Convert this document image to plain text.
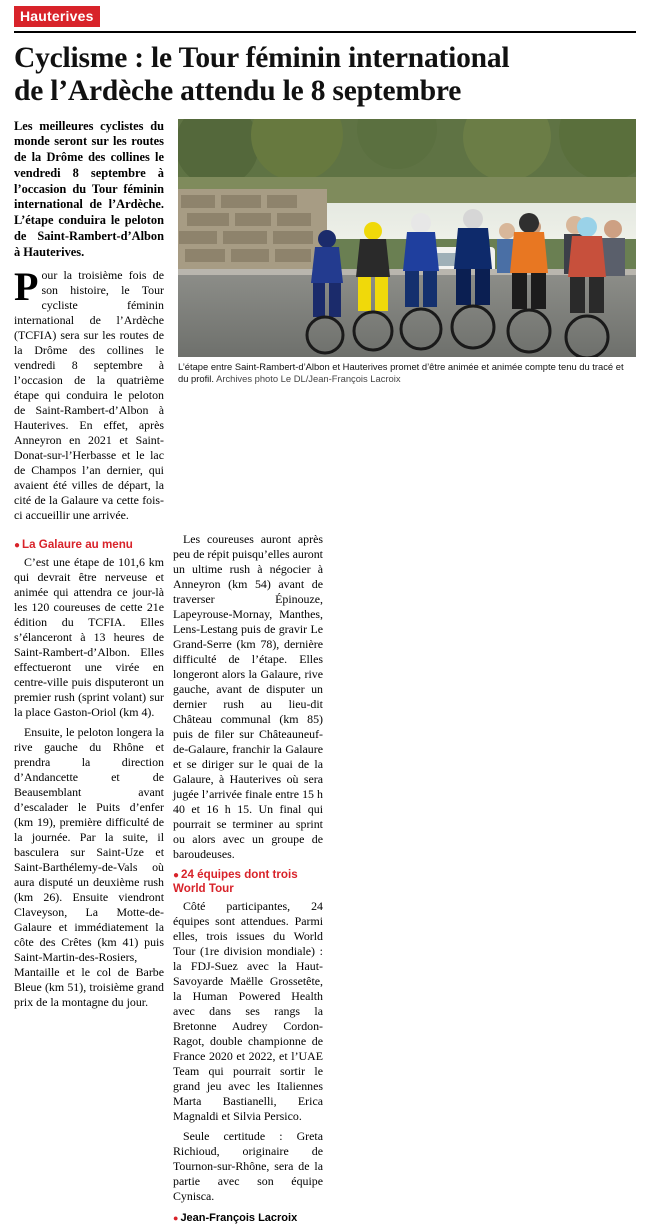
Hauterives
Cyclisme : le Tour féminin international
de l’Ardèche attendu le 8 septembre

Les meilleures cyclistes du monde seront sur les routes de la Drôme des collines le vendredi 8 septembre à l’occasion du Tour féminin international de l’Ardèche. L’étape conduira le peloton de Saint-Rambert-d’Albon à Hauterives.

Pour la troisième fois de son histoire, le Tour cycliste féminin international de l’Ardèche (TCFIA) sera sur les routes de la Drôme des collines le vendredi 8 septembre à l’occasion de la quatrième étape qui conduira le peloton de Saint-Rambert-d’Albon à Hauterives. En effet, après Anneyron en 2021 et Saint-Donat-sur-l’Herbasse et le lac de Champos l’an dernier, qui avaient été villes de départ, la cité de la Galaure va cette fois-ci accueillir une arrivée.

L’étape entre Saint-Rambert-d’Albon et Hauterives promet d’être animée et animée compte tenu du tracé et du profil. Archives photo Le DL/Jean-François Lacroix
● La Galaure au menu

C’est une étape de 101,6 km qui devrait être nerveuse et animée qui attendra ce jour-là les 120 coureuses de cette 21e édition du TCFIA. Elles s’élanceront à 13 heures de Saint-Rambert-d’Albon. Elles effectueront une virée en centre-ville puis disputeront un premier rush (sprint volant) sur la place Gaston-Oriol (km 4).

Ensuite, le peloton longera la rive gauche du Rhône et prendra la direction d’Andancette et de Beausemblant avant d’escalader le Puits d’enfer (km 19), première difficulté de la journée. Par la suite, il basculera sur Saint-Uze et Saint-Barthélemy-de-Vals où aura disputé un deuxième rush (km 26). Ensuite viendront Claveyson, La Motte-de-Galaure et immédiatement la côte des Crêtes (km 41) puis Saint-Martin-des-Rosiers, Mantaille et le col de Barbe Bleue (km 51), troisième grand prix de la montagne du jour.

Les coureuses auront après peu de répit puisqu’elles auront un ultime rush à négocier à Anneyron (km 54) avant de traverser Épinouze, Lapeyrouse-Mornay, Manthes, Lens-Lestang puis de gravir Le Grand-Serre (km 78), dernière difficulté de l’étape. Elles longeront alors la Galaure, rive gauche, avant de disputer un dernier rush au lieu-dit Château communal (km 85) puis de filer sur Châteauneuf-de-Galaure, franchir la Galaure et se diriger sur le quai de la Galaure, à Hauterives où sera jugée l’arrivée finale entre 15 h 40 et 16 h 15. Un final qui pourrait se terminer au sprint ou alors avec un groupe de baroudeuses.

● 24 équipes dont trois
World Tour

Côté participantes, 24 équipes sont attendues. Parmi elles, trois issues du World Tour (1re division mondiale) : la FDJ-Suez avec la Haut-Savoyarde Maëlle Grossetête, la Human Powered Health avec dans ses rangs la Bretonne Audrey Cordon-Ragot, double championne de France 2020 et 2022, et l’UAE Team qui pourrait sortir le grand jeu avec les Italiennes Marta Bastianelli, Erica Magnaldi et Silvia Persico.

Seule certitude : Greta Richioud, originaire de Tournon-sur-Rhône, sera de la partie avec son équipe Cynisca.

● Jean-François Lacroix
